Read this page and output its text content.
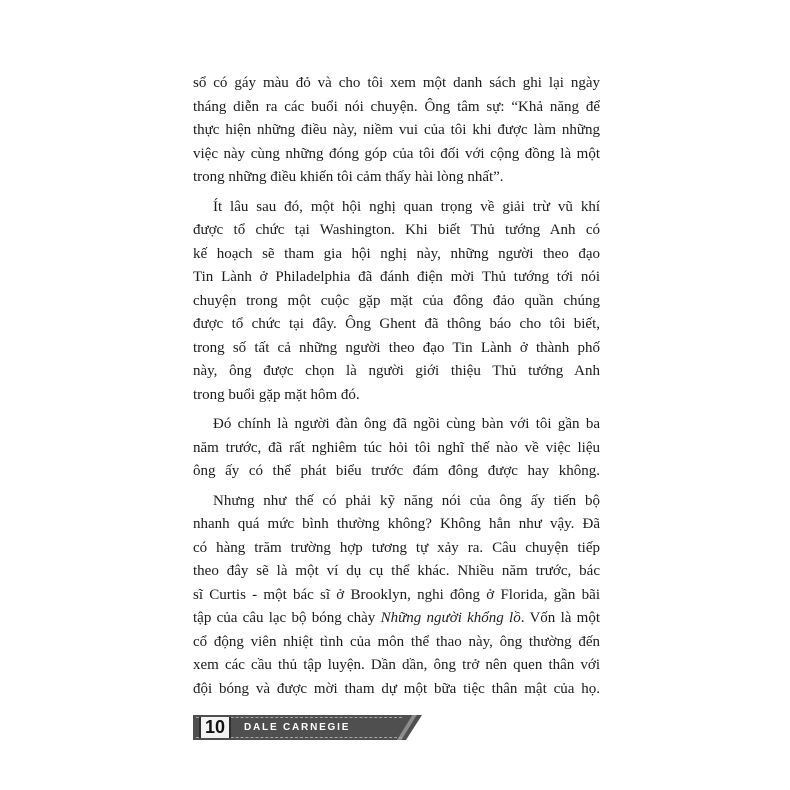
sổ có gáy màu đỏ và cho tôi xem một danh sách ghi lại ngày
tháng diễn ra các buổi nói chuyện. Ông tâm sự: “Khả năng để
thực hiện những điều này, niềm vui của tôi khi được làm những
việc này cùng những đóng góp của tôi đối với cộng đồng là một
trong những điều khiến tôi cảm thấy hài lòng nhất”.
Ít lâu sau đó, một hội nghị quan trọng về giải trừ vũ khí
được tổ chức tại Washington. Khi biết Thủ tướng Anh có
kế hoạch sẽ tham gia hội nghị này, những người theo đạo
Tin Lành ở Philadelphia đã đánh điện mời Thủ tướng tới nói
chuyện trong một cuộc gặp mặt của đông đảo quần chúng
được tổ chức tại đây. Ông Ghent đã thông báo cho tôi biết,
trong số tất cả những người theo đạo Tin Lành ở thành phố
này, ông được chọn là người giới thiệu Thủ tướng Anh
trong buổi gặp mặt hôm đó.
Đó chính là người đàn ông đã ngồi cùng bàn với tôi gần ba
năm trước, đã rất nghiêm túc hỏi tôi nghĩ thế nào về việc liệu
ông ấy có thể phát biểu trước đám đông được hay không.
Nhưng như thế có phải kỹ năng nói của ông ấy tiến bộ
nhanh quá mức bình thường không? Không hẳn như vậy. Đã
có hàng trăm trường hợp tương tự xảy ra. Câu chuyện tiếp
theo đây sẽ là một ví dụ cụ thể khác. Nhiều năm trước, bác
sĩ Curtis - một bác sĩ ở Brooklyn, nghi đông ở Florida, gần bãi
tập của câu lạc bộ bóng chày Những người khổng lồ. Vốn là một
cổ động viên nhiệt tình của môn thể thao này, ông thường đến
xem các cầu thủ tập luyện. Dần dần, ông trở nên quen thân với
đội bóng và được mời tham dự một bữa tiệc thân mật của họ.
10	DALE CARNEGIE
